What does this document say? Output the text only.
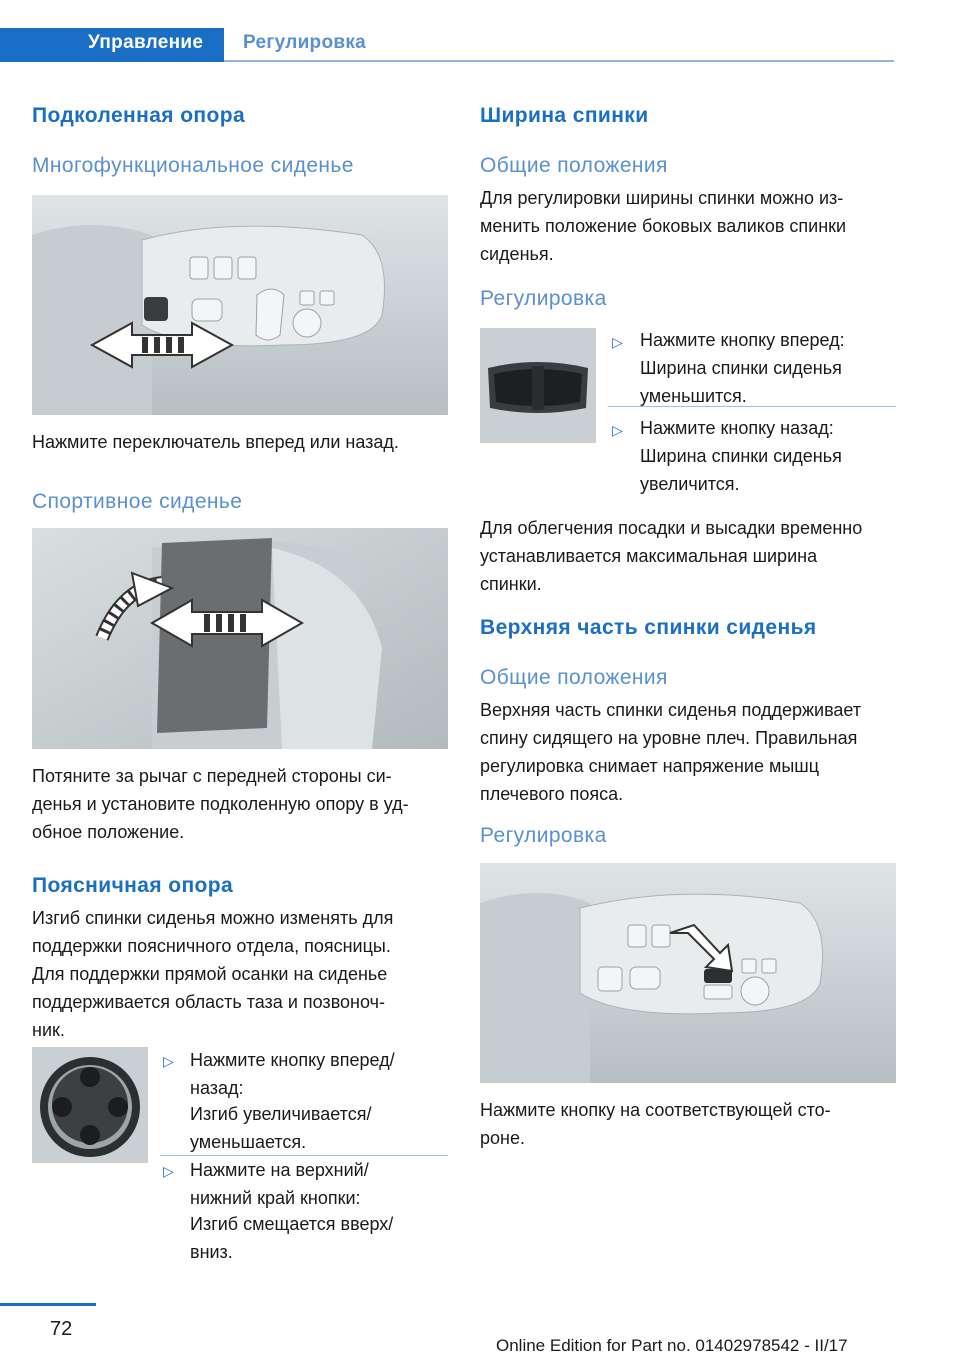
Управление Регулировка
Подколенная опора
Многофункциональное сиденье
Нажмите переключатель вперед или назад.
Спортивное сиденье
Потяните за рычаг с передней стороны си-
денья и установите подколенную опору в уд-
обное положение.
Поясничная опора
Изгиб спинки сиденья можно изменять для
поддержки поясничного отдела, поясницы.
Для поддержки прямой осанки на сиденье
поддерживается область таза и позвоноч-
ник.
▷ Нажмите кнопку вперед/
назад:
Изгиб увеличивается/
уменьшается.
▷ Нажмите на верхний/
нижний край кнопки:
Изгиб смещается вверх/
вниз.
Ширина спинки
Общие положения
Для регулировки ширины спинки можно из-
менить положение боковых валиков спинки
сиденья.
Регулировка
▷ Нажмите кнопку вперед:
Ширина спинки сиденья
уменьшится.
▷ Нажмите кнопку назад:
Ширина спинки сиденья
увеличится.
Для облегчения посадки и высадки временно
устанавливается максимальная ширина
спинки.
Верхняя часть спинки сиденья
Общие положения
Верхняя часть спинки сиденья поддерживает
спину сидящего на уровне плеч. Правильная
регулировка снимает напряжение мышц
плечевого пояса.
Регулировка
Нажмите кнопку на соответствующей сто-
роне.
72
Online Edition for Part no. 01402978542 - II/17
